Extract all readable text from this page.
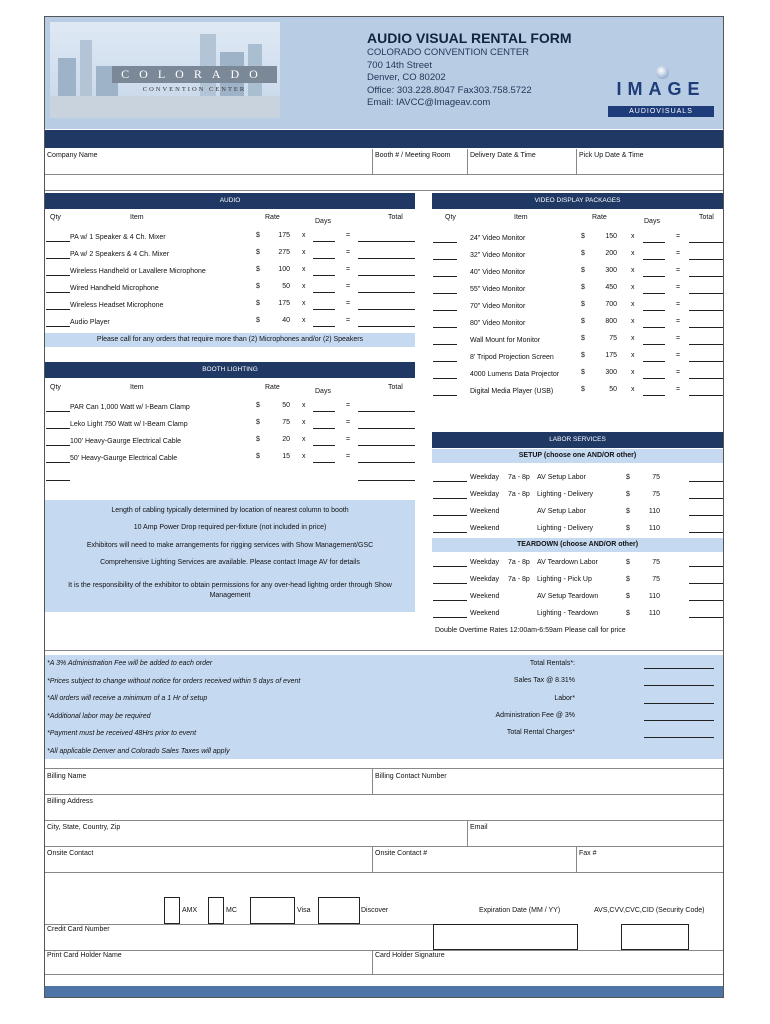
COLORADO
CONVENTION CENTER
AUDIO VISUAL RENTAL FORM
COLORADO CONVENTION CENTER
700 14th Street
Denver, CO 80202
Office: 303.228.8047 Fax303.758.5722
Email: IAVCC@Imageav.com
IMAGE
AUDIOVISUALS
Company Name	Booth # / Meeting Room	Delivery Date & Time	Pick Up Date & Time
AUDIO
Qty	Item	Rate
Days
Total
PA w/ 1 Speaker & 4 Ch. Mixer	$	175 x	=
PA w/ 2 Speakers & 4 Ch. Mixer	$	275 x	=
Wireless Handheld or Lavallere Microphone	$	100 x	=
Wired Handheld Microphone	$	50 x	=
Wireless Headset Microphone	$	175 x	=
Audio Player	$	40 x	=
Please call for any orders that require more than (2) Microphones and/or (2) Speakers
BOOTH LIGHTING
Qty	Item	Rate
Days
Total
PAR Can 1,000 Watt w/ I-Beam Clamp	$	50 x	=
Leko Light 750 Watt w/ I-Beam Clamp	$	75 x	=
100' Heavy-Gaurge Electrical Cable	$	20 x	=
50' Heavy-Gaurge Electrical Cable	$	15 x	=
Length of cabling typically determined by location of nearest column to booth
10 Amp Power Drop required per-fixture (not included in price)
Exhibitors will need to make arrangements for rigging services with Show Management/GSC
Comprehensive Lighting Services are available. Please contact Image AV for details
It is the responsibility of the exhibitor to obtain permissions for any over-head lightng order through Show Management
VIDEO DISPLAY PACKAGES
Qty	Item	Rate
Days
Total
24" Video Monitor	$	150 x	=
32" Video Monitor	$	200 x	=
40" Video Monitor	$	300 x	=
55" Video Monitor	$	450 x	=
70" Video Monitor	$	700 x	=
80" Video Monitor	$	800 x	=
Wall Mount for Monitor	$	75 x	=
8' Tripod Projection Screen	$	175 x	=
4000 Lumens Data Projector	$	300 x	=
Digital Media Player (USB)	$	50 x	=
LABOR SERVICES
SETUP (choose one AND/OR other)
Weekday 7a - 8p AV Setup Labor	$	75
Weekday 7a - 8p Lighting - Delivery	$	75
Weekend	AV Setup Labor	$	110
Weekend	Lighting - Delivery	$	110
TEARDOWN (choose AND/OR other)
Weekday 7a - 8p AV Teardown Labor	$	75
Weekday 7a - 8p Lighting - Pick Up	$	75
Weekend	AV Setup Teardown	$	110
Weekend	Lighting - Teardown	$	110
Double Overtime Rates 12:00am-6:59am Please call for price
*A 3% Administration Fee will be added to each order
*Prices subject to change without notice for orders received within 5 days of event
*All orders will receive a minimum of a 1 Hr of setup
*Additional labor may be required
*Payment must be received 48Hrs prior to event
*All applicable Denver and Colorado Sales Taxes will apply
Total Rentals*:
Sales Tax @ 8.31%
Labor*
Administration Fee @ 3%
Total Rental Charges*
Billing Name	Billing Contact Number
Billing Address
City, State, Country, Zip	Email
Onsite Contact	Onsite Contact #	Fax #
AMX	MC	Visa	Discover	Expiration Date (MM / YY)	AVS,CVV,CVC,CID (Security Code)
Credit Card Number
Print Card Holder Name	Card Holder Signature
